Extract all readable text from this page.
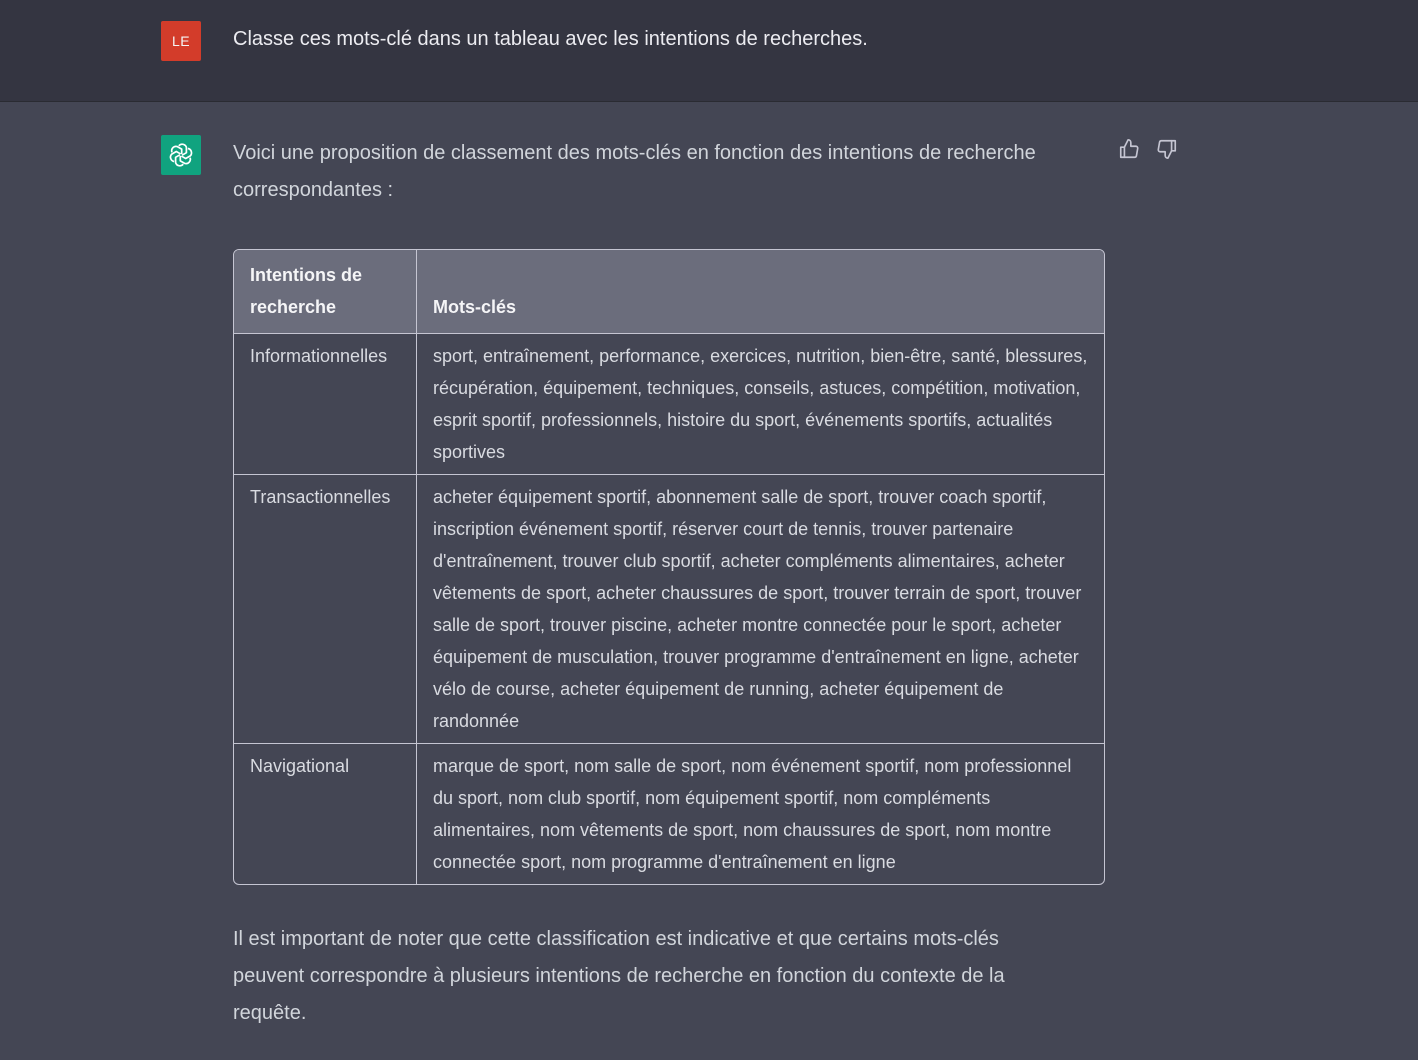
LE	Classe ces mots-clé dans un tableau avec les intentions de recherches.

Voici une proposition de classement des mots-clés en fonction des intentions de recherche correspondantes :

Intentions de recherche	Mots-clés
Informationnelles	sport, entraînement, performance, exercices, nutrition, bien-être, santé, blessures, récupération, équipement, techniques, conseils, astuces, compétition, motivation, esprit sportif, professionnels, histoire du sport, événements sportifs, actualités sportives
Transactionnelles	acheter équipement sportif, abonnement salle de sport, trouver coach sportif, inscription événement sportif, réserver court de tennis, trouver partenaire d'entraînement, trouver club sportif, acheter compléments alimentaires, acheter vêtements de sport, acheter chaussures de sport, trouver terrain de sport, trouver salle de sport, trouver piscine, acheter montre connectée pour le sport, acheter équipement de musculation, trouver programme d'entraînement en ligne, acheter vélo de course, acheter équipement de running, acheter équipement de randonnée
Navigational	marque de sport, nom salle de sport, nom événement sportif, nom professionnel du sport, nom club sportif, nom équipement sportif, nom compléments alimentaires, nom vêtements de sport, nom chaussures de sport, nom montre connectée sport, nom programme d'entraînement en ligne

Il est important de noter que cette classification est indicative et que certains mots-clés peuvent correspondre à plusieurs intentions de recherche en fonction du contexte de la requête.
